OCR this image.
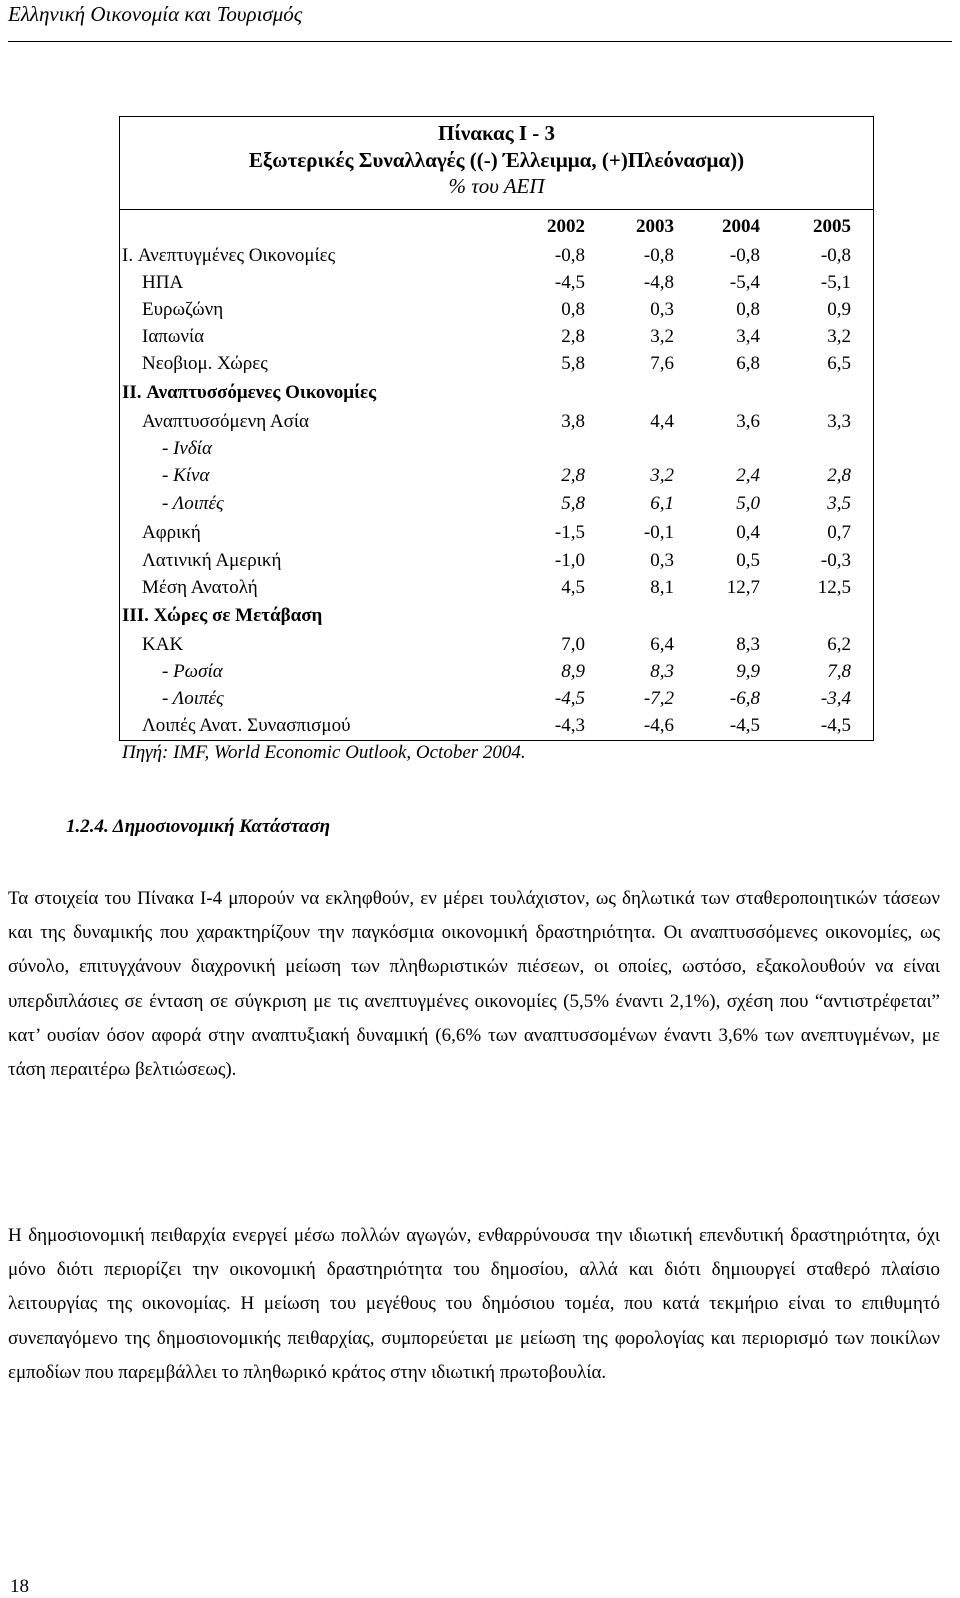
Ελληνική Οικονομία και Τουρισμός
Πίνακας Ι - 3
Εξωτερικές Συναλλαγές ((-) Έλλειμμα, (+)Πλεόνασμα))
% του ΑΕΠ
2002	2003	2004	2005
I. Ανεπτυγμένες Οικονομίες	-0,8	-0,8	-0,8	-0,8
ΗΠΑ	-4,5	-4,8	-5,4	-5,1
Ευρωζώνη	0,8	0,3	0,8	0,9
Ιαπωνία	2,8	3,2	3,4	3,2
Νεοβιομ. Χώρες	5,8	7,6	6,8	6,5
II. Αναπτυσσόμενες Οικονομίες
Αναπτυσσόμενη Ασία	3,8	4,4	3,6	3,3
- Ινδία
- Κίνα	2,8	3,2	2,4	2,8
- Λοιπές	5,8	6,1	5,0	3,5
Αφρική	-1,5	-0,1	0,4	0,7
Λατινική Αμερική	-1,0	0,3	0,5	-0,3
Μέση Ανατολή	4,5	8,1	12,7	12,5
III. Χώρες σε Μετάβαση
ΚΑΚ	7,0	6,4	8,3	6,2
- Ρωσία	8,9	8,3	9,9	7,8
- Λοιπές	-4,5	-7,2	-6,8	-3,4
Λοιπές Ανατ. Συνασπισμού	-4,3	-4,6	-4,5	-4,5
Πηγή: IMF, World Economic Outlook, October 2004.
1.2.4. Δημοσιονομική Κατάσταση

Τα στοιχεία του Πίνακα Ι-4 μπορούν να εκληφθούν, εν μέρει τουλάχιστον, ως δηλωτικά των σταθεροποιητικών τάσεων και της δυναμικής που χαρακτηρίζουν την παγκόσμια οικονομική δραστηριότητα. Οι αναπτυσσόμενες οικονομίες, ως σύνολο, επιτυγχάνουν διαχρονική μείωση των πληθωριστικών πιέσεων, οι οποίες, ωστόσο, εξακολουθούν να είναι υπερδιπλάσιες σε ένταση σε σύγκριση με τις ανεπτυγμένες οικονομίες (5,5% έναντι 2,1%), σχέση που “αντιστρέφεται” κατ’ ουσίαν όσον αφορά στην αναπτυξιακή δυναμική (6,6% των αναπτυσσομένων έναντι 3,6% των ανεπτυγμένων, με τάση περαιτέρω βελτιώσεως).

Η δημοσιονομική πειθαρχία ενεργεί μέσω πολλών αγωγών, ενθαρρύνουσα την ιδιωτική επενδυτική δραστηριότητα, όχι μόνο διότι περιορίζει την οικονομική δραστηριότητα του δημοσίου, αλλά και διότι δημιουργεί σταθερό πλαίσιο λειτουργίας της οικονομίας. Η μείωση του μεγέθους του δημόσιου τομέα, που κατά τεκμήριο είναι το επιθυμητό συνεπαγόμενο της δημοσιονομικής πειθαρχίας, συμπορεύεται με μείωση της φορολογίας και περιορισμό των ποικίλων εμποδίων που παρεμβάλλει το πληθωρικό κράτος στην ιδιωτική πρωτοβουλία.

18
